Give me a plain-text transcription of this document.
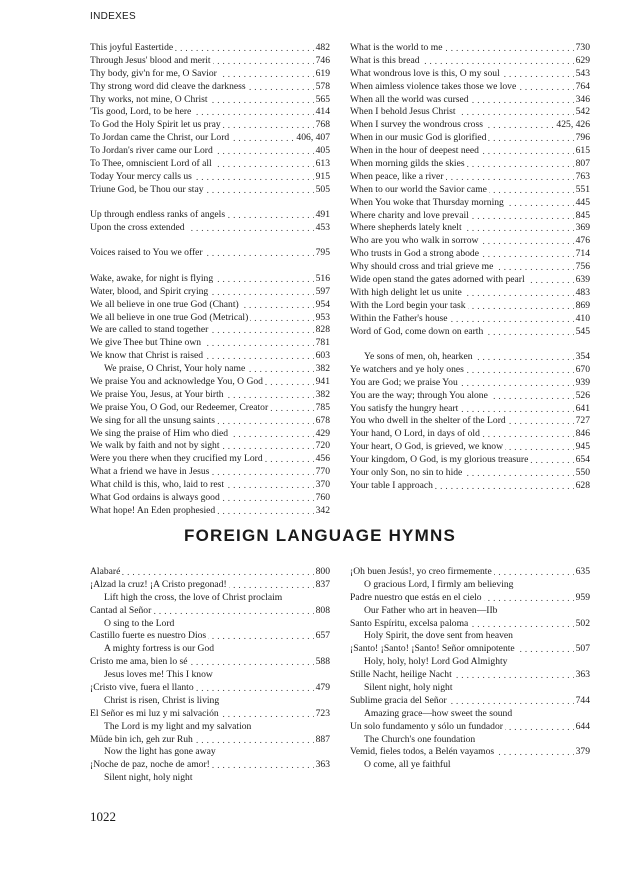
INDEXES
This joyful Eastertide	482
. . .
Through Jesus' blood and merit	746
. . .
Thy body, giv'n for me, O Savior	619
. . .
Thy strong word did cleave the darkness	578
. . .
Thy works, not mine, O Christ	565
. . .
'Tis good, Lord, to be here	414
. . .
To God the Holy Spirit let us pray	768
. . .
To Jordan came the Christ, our Lord	406, 407
. . .
To Jordan's river came our Lord	405
. . .
To Thee, omniscient Lord of all	613
. . .
Today Your mercy calls us	915
. . .
Triune God, be Thou our stay	505
. . .
Up through endless ranks of angels	491
. . .
Upon the cross extended	453
. . .
Voices raised to You we offer	795
. . .
Wake, awake, for night is flying	516
. . .
Water, blood, and Spirit crying	597
. . .
We all believe in one true God (Chant)	954
. . .
We all believe in one true God (Metrical)	953
. . .
We are called to stand together	828
. . .
We give Thee but Thine own	781
. . .
We know that Christ is raised	603
. . .
We praise, O Christ, Your holy name	382
. . .
We praise You and acknowledge You, O God	941
. . .
We praise You, Jesus, at Your birth	382
. . .
We praise You, O God, our Redeemer, Creator	785
. . .
We sing for all the unsung saints	678
. . .
We sing the praise of Him who died	429
. . .
We walk by faith and not by sight	720
. . .
Were you there when they crucified my Lord	456
. . .
What a friend we have in Jesus	770
. . .
What child is this, who, laid to rest	370
. . .
What God ordains is always good	760
. . .
What hope! An Eden prophesied	342
. . .
What is the world to me	730
. . .
What is this bread	629
. . .
What wondrous love is this, O my soul	543
. . .
When aimless violence takes those we love	764
. . .
When all the world was cursed	346
. . .
When I behold Jesus Christ	542
. . .
When I survey the wondrous cross	425, 426
. . .
When in our music God is glorified	796
. . .
When in the hour of deepest need	615
. . .
When morning gilds the skies	807
. . .
When peace, like a river	763
. . .
When to our world the Savior came	551
. . .
When You woke that Thursday morning	445
. . .
Where charity and love prevail	845
. . .
Where shepherds lately knelt	369
. . .
Who are you who walk in sorrow	476
. . .
Who trusts in God a strong abode	714
. . .
Why should cross and trial grieve me	756
. . .
Wide open stand the gates adorned with pearl	639
. . .
With high delight let us unite	483
. . .
With the Lord begin your task	869
. . .
Within the Father's house	410
. . .
Word of God, come down on earth	545
. . .
Ye sons of men, oh, hearken	354
. . .
Ye watchers and ye holy ones	670
. . .
You are God; we praise You	939
. . .
You are the way; through You alone	526
. . .
You satisfy the hungry heart	641
. . .
You who dwell in the shelter of the Lord	727
. . .
Your hand, O Lord, in days of old	846
. . .
Your heart, O God, is grieved, we know	945
. . .
Your kingdom, O God, is my glorious treasure	654
. . .
Your only Son, no sin to hide	550
. . .
Your table I approach	628
. . .
FOREIGN LANGUAGE HYMNS
Alabaré	800
. . .
¡Alzad la cruz! ¡A Cristo pregonad!	837
. . .
Lift high the cross, the love of Christ proclaim
Cantad al Señor	808
. . .
O sing to the Lord
Castillo fuerte es nuestro Dios	657
. . .
A mighty fortress is our God
Cristo me ama, bien lo sé	588
. . .
Jesus loves me! This I know
¡Cristo vive, fuera el llanto	479
. . .
Christ is risen, Christ is living
El Señor es mi luz y mi salvación	723
. . .
The Lord is my light and my salvation
Müde bin ich, geh zur Ruh	887
. . .
Now the light has gone away
¡Noche de paz, noche de amor!	363
. . .
Silent night, holy night
¡Oh buen Jesús!, yo creo firmemente	635
. . .
O gracious Lord, I firmly am believing
Padre nuestro que estás en el cielo	959
. . .
Our Father who art in heaven—IIb
Santo Espíritu, excelsa paloma	502
. . .
Holy Spirit, the dove sent from heaven
¡Santo! ¡Santo! ¡Santo! Señor omnipotente	507
. . .
Holy, holy, holy! Lord God Almighty
Stille Nacht, heilige Nacht	363
. . .
Silent night, holy night
Sublime gracia del Señor	744
. . .
Amazing grace—how sweet the sound
Un solo fundamento y sólo un fundador	644
. . .
The Church's one foundation
Vemid, fieles todos, a Belén vayamos	379
. . .
O come, all ye faithful
1022
